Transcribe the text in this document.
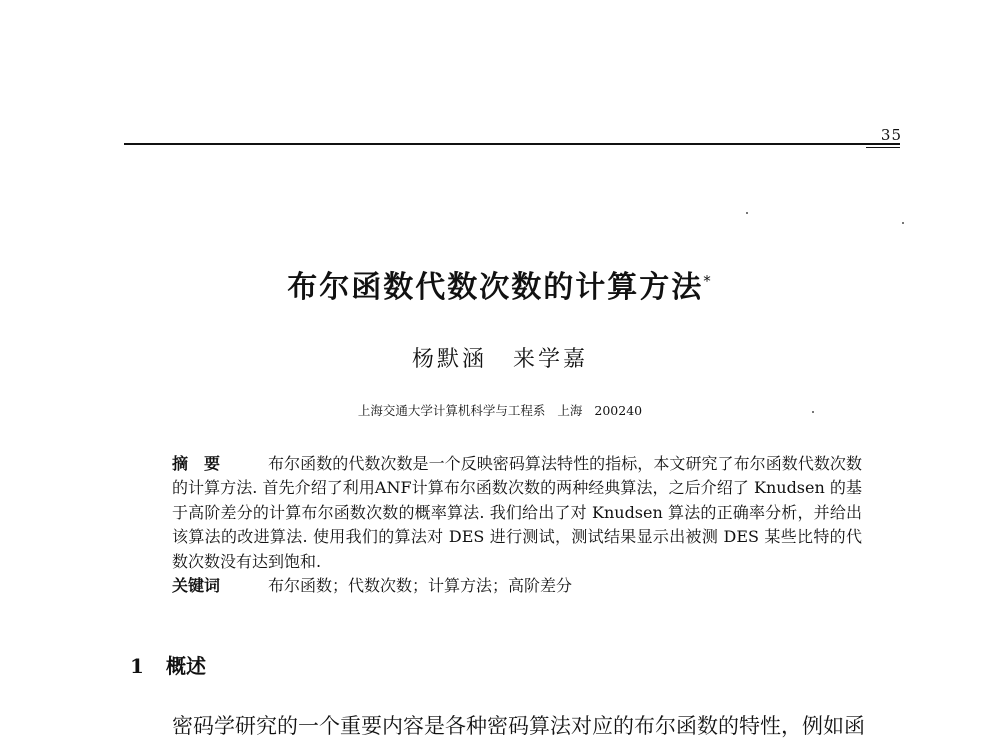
35
布尔函数代数次数的计算方法*
杨默涵 来学嘉
上海交通大学计算机科学与工程系 上海 200240

摘　要	布尔函数的代数次数是一个反映密码算法特性的指标，本文研究了布尔函数代数次数的计算方法. 首先介绍了利用ANF计算布尔函数次数的两种经典算法，之后介绍了 Knudsen 的基于高阶差分的计算布尔函数次数的概率算法. 我们给出了对 Knudsen 算法的正确率分析，并给出该算法的改进算法. 使用我们的算法对 DES 进行测试，测试结果显示出被测 DES 某些比特的代数次数没有达到饱和.

关键词	布尔函数；代数次数；计算方法；高阶差分

1 概述
密码学研究的一个重要内容是各种密码算法对应的布尔函数的特性，例如函
